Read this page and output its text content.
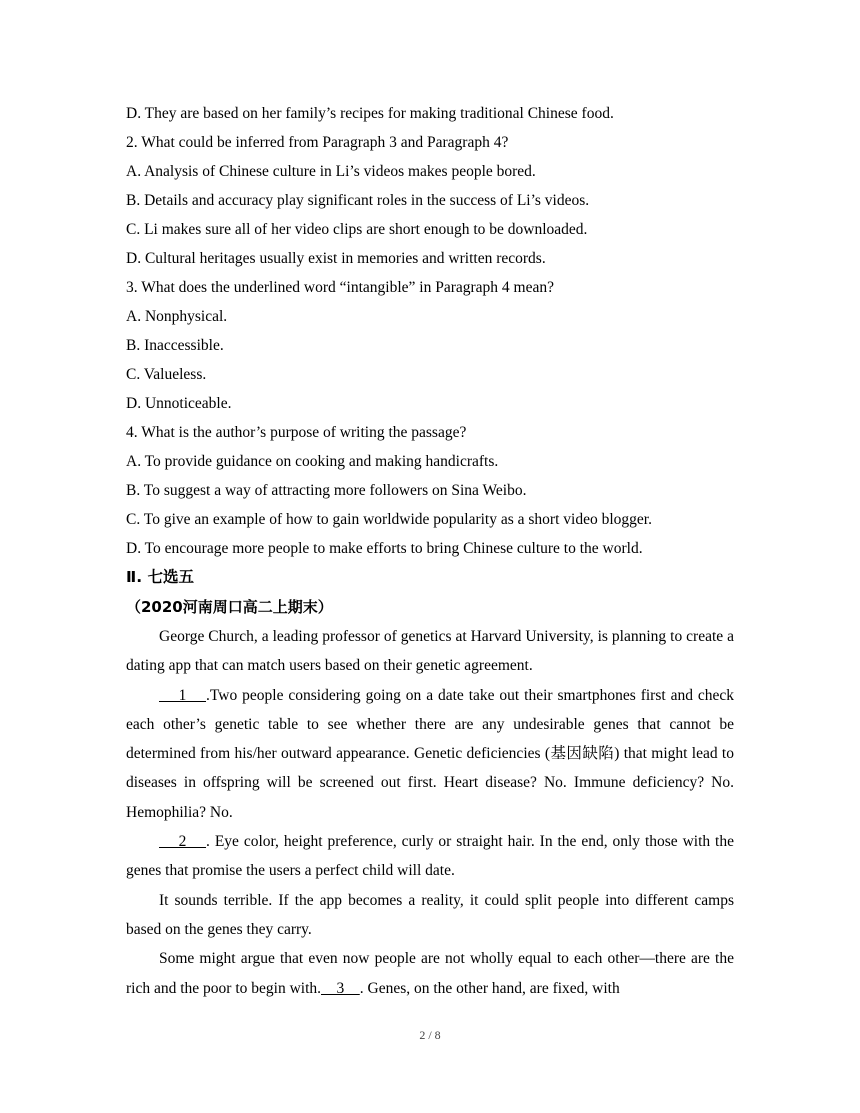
D. They are based on her family’s recipes for making traditional Chinese food.
2. What could be inferred from Paragraph 3 and Paragraph 4?
A. Analysis of Chinese culture in Li’s videos makes people bored.
B. Details and accuracy play significant roles in the success of Li’s videos.
C. Li makes sure all of her video clips are short enough to be downloaded.
D. Cultural heritages usually exist in memories and written records.
3. What does the underlined word “intangible” in Paragraph 4 mean?
A. Nonphysical.
B. Inaccessible.
C. Valueless.
D. Unnoticeable.
4. What is the author’s purpose of writing the passage?
A. To provide guidance on cooking and making handicrafts.
B. To suggest a way of attracting more followers on Sina Weibo.
C. To give an example of how to gain worldwide popularity as a short video blogger.
D. To encourage more people to make efforts to bring Chinese culture to the world.
Ⅱ. 七选五
（2020河南周口高二上期末）

George Church, a leading professor of genetics at Harvard University, is planning to create a dating app that can match users based on their genetic agreement.

1    .Two people considering going on a date take out their smartphones first and check each other’s genetic table to see whether there are any undesirable genes that cannot be determined from his/her outward appearance. Genetic deficiencies (基因缺陷) that might lead to diseases in offspring will be screened out first. Heart disease? No. Immune deficiency? No. Hemophilia? No.

2    . Eye color, height preference, curly or straight hair. In the end, only those with the genes that promise the users a perfect child will date.

It sounds terrible. If the app becomes a reality, it could split people into different camps based on the genes they carry.

Some might argue that even now people are not wholly equal to each other—there are the rich and the poor to begin with.    3    . Genes, on the other hand, are fixed, with

2 / 8
